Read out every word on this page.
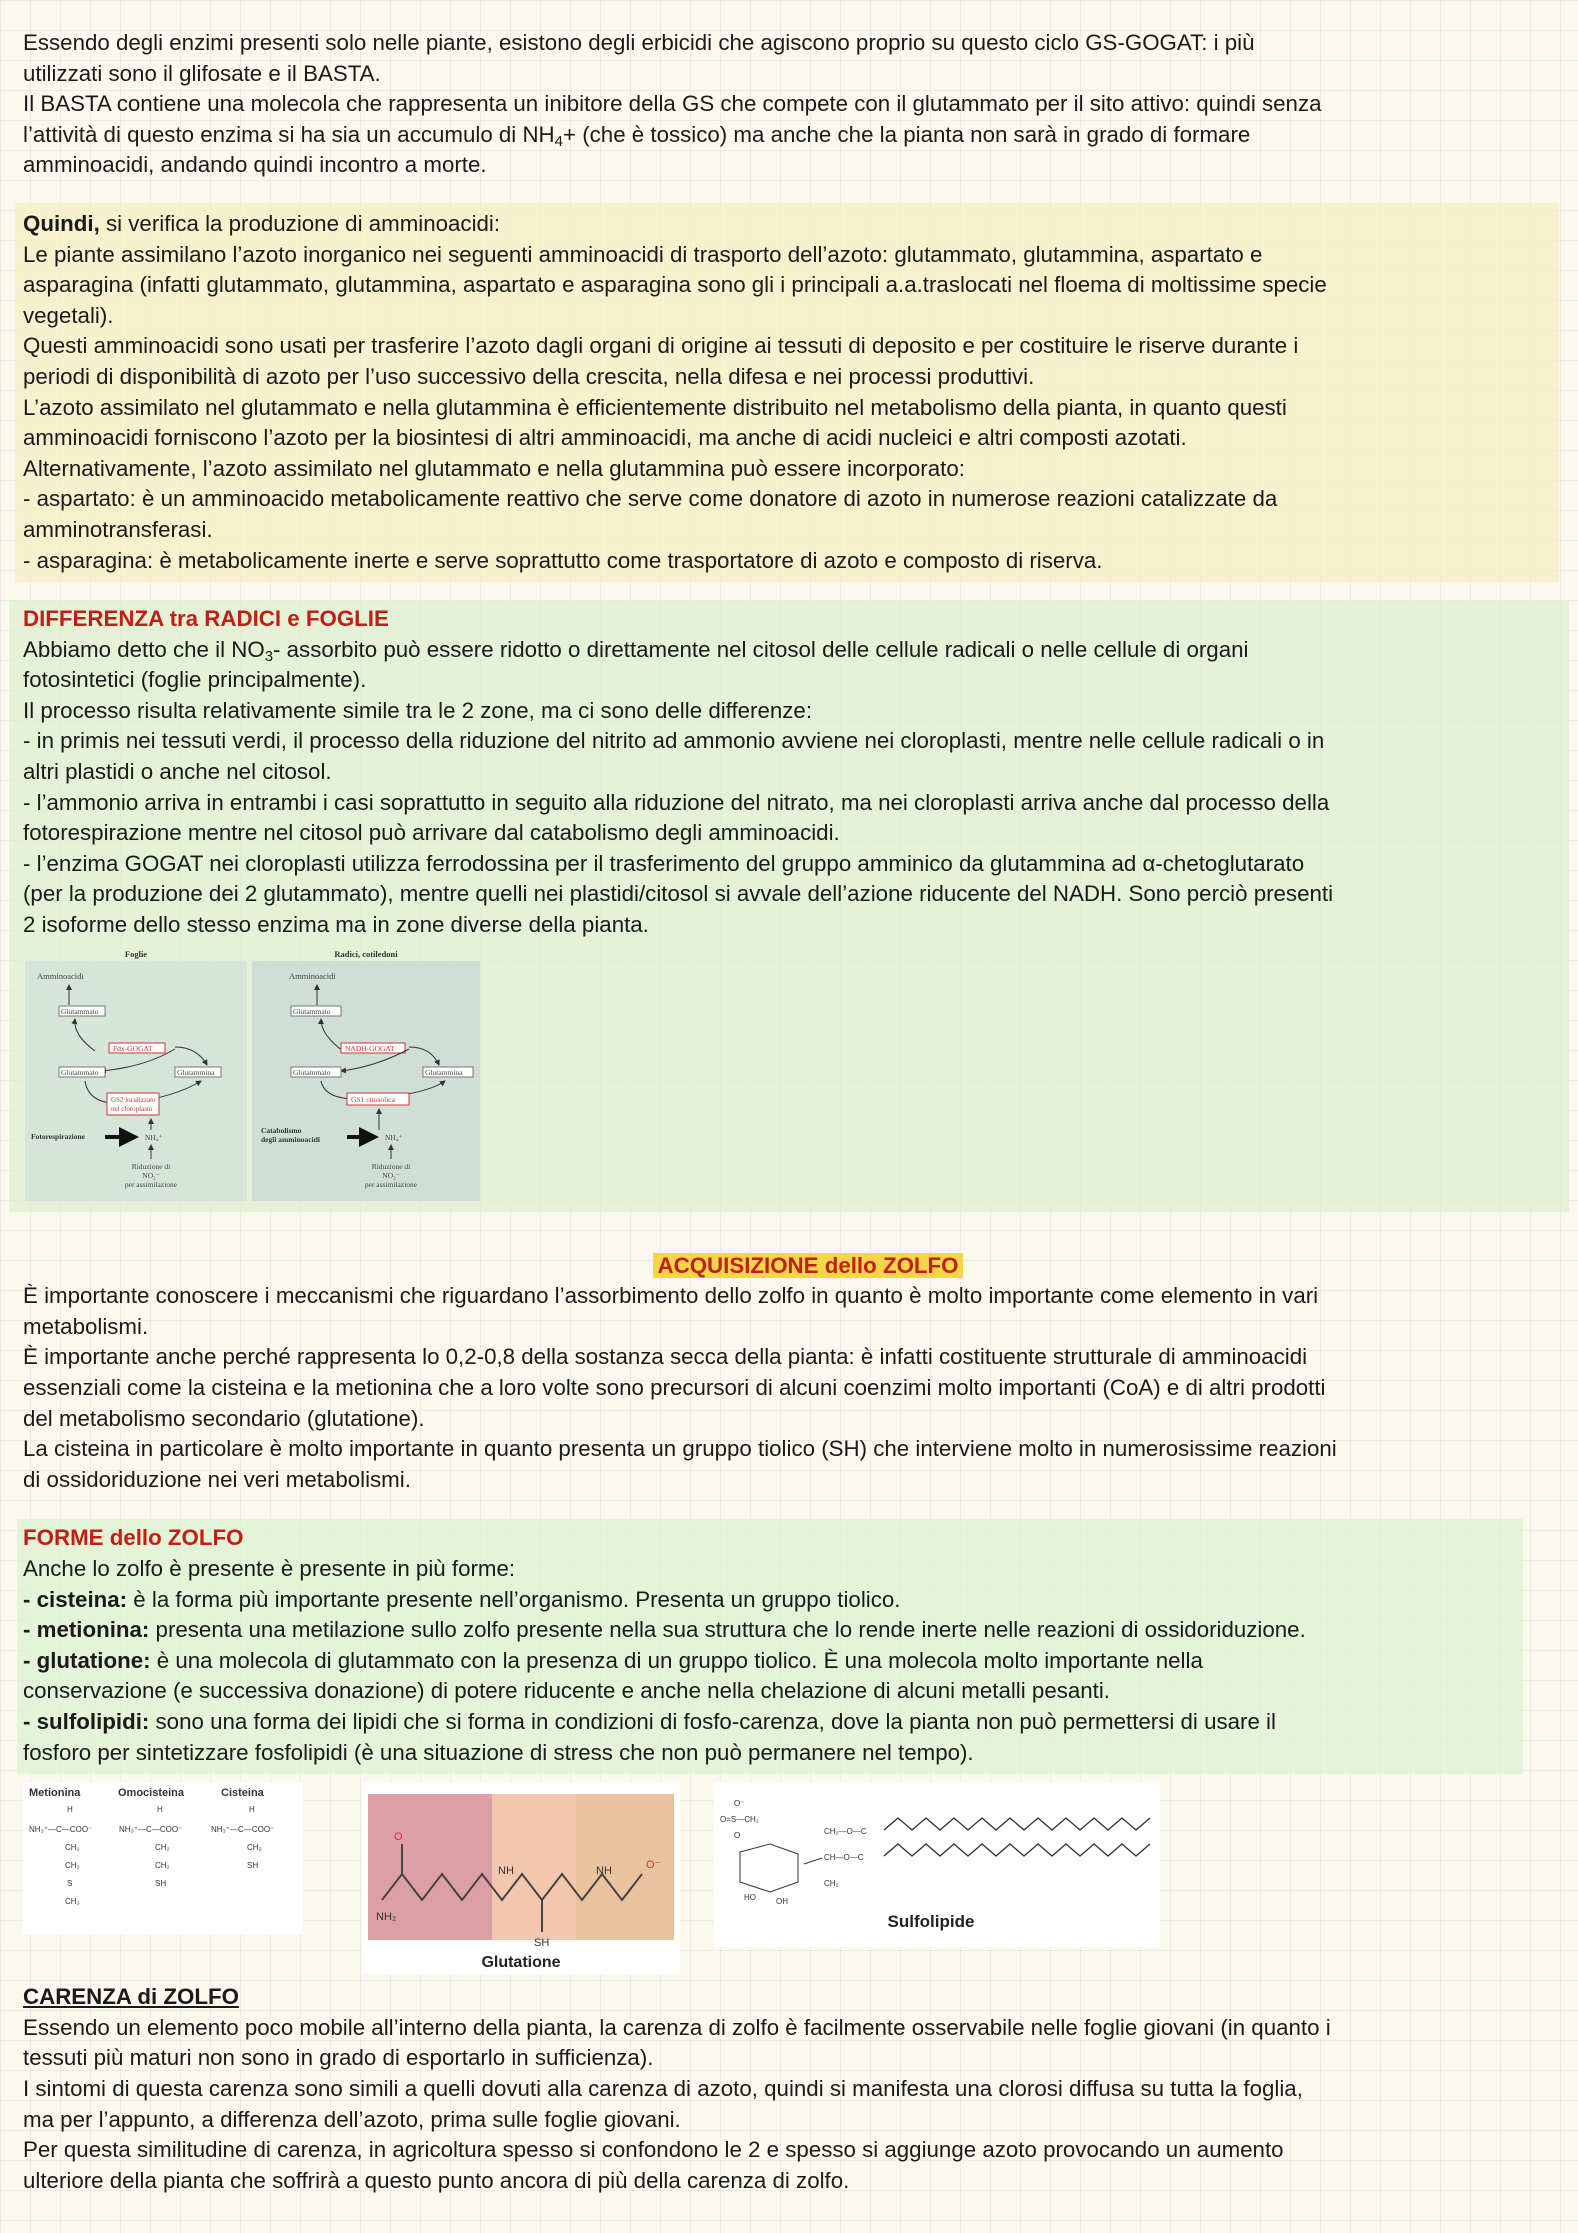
Essendo degli enzimi presenti solo nelle piante, esistono degli erbicidi che agiscono proprio su questo ciclo GS-GOGAT: i più

utilizzati sono il glifosate e il BASTA.

Il BASTA contiene una molecola che rappresenta un inibitore della GS che compete con il glutammato per il sito attivo: quindi senza

l’attività di questo enzima si ha sia un accumulo di $NH_4+ (che$ è tossico) ma anche che la pianta non sarà in grado di formare

amminoacidi, andando quindi incontro a morte.

Quindi, si verifica la produzione di amminoacidi:

Le piante assimilano l’azoto inorganico nei seguenti amminoacidi di trasporto dell’azoto: glutammato, glutammina, aspartato e

asparagina (infatti glutammato, glutammina, aspartato e asparagina sono gli i principali a.a.traslocati nel floema di moltissime specie

vegetali).

Questi amminoacidi sono usati per trasferire l’azoto dagli organi di origine ai tessuti di deposito e per costituire le riserve durante i

periodi di disponibilità di azoto per l’uso successivo della crescita, nella difesa e nei processi produttivi.

L’azoto assimilato nel glutammato e nella glutammina è efficientemente distribuito nel metabolismo della pianta, in quanto questi

amminoacidi forniscono l’azoto per la biosintesi di altri amminoacidi, ma anche di acidi nucleici e altri composti azotati.

Alternativamente, l’azoto assimilato nel glutammato e nella glutammina può essere incorporato:

- aspartato: è un amminoacido metabolicamente reattivo che serve come donatore di azoto in numerose reazioni catalizzate da

amminotransferasi.

- asparagina: è metabolicamente inerte e serve soprattutto come trasportatore di azoto e composto di riserva.

DIFFERENZA tra RADICI e FOGLIE

Abbiamo detto che il $NO_3-$ assorbito può essere ridotto o direttamente nel citosol delle cellule radicali o nelle cellule di organi

fotosintetici (foglie principalmente).

Il processo risulta relativamente simile tra le 2 zone, ma ci sono delle differenze:

- in primis nei tessuti verdi, il processo della riduzione del nitrito ad ammonio avviene nei cloroplasti, mentre nelle cellule radicali o in

altri plastidi o anche nel citosol.

- l’ammonio arriva in entrambi i casi soprattutto in seguito alla riduzione del nitrato, ma nei cloroplasti arriva anche dal processo della

fotorespirazione mentre nel citosol può arrivare dal catabolismo degli amminoacidi.

- l’enzima GOGAT nei cloroplasti utilizza ferrodossina per il trasferimento del gruppo amminico da glutammina ad α-chetoglutarato

(per la produzione dei 2 glutammato), mentre quelli nei plastidi/citosol si avvale dell’azione riducente del NADH. Sono perciò presenti

2 isoforme dello stesso enzima ma in zone diverse della pianta.

Foglie
Amminoacidi
Glutammato
Fdx-GOGAT
Glutammato	Glutammina
GS2 localizzato
nel cloroplasto
Fotorespirazione	NH₄⁺
Riduzione di
NO₂⁻
per assimilazione
Radici, cotiledoni
Amminoacidi
Glutammato
NADH-GOGAT
Glutammato	Glutammina
GS1 citosolica
Catabolismo
degli amminoacidi	NH₄⁺
Riduzione di
NO₂⁻
per assimilazione

ACQUISIZIONE dello ZOLFO

È importante conoscere i meccanismi che riguardano l’assorbimento dello zolfo in quanto è molto importante come elemento in vari

metabolismi.

È importante anche perché rappresenta lo 0,2-0,8 della sostanza secca della pianta: è infatti costituente strutturale di amminoacidi

essenziali come la cisteina e la metionina che a loro volte sono precursori di alcuni coenzimi molto importanti (CoA) e di altri prodotti

del metabolismo secondario (glutatione).

La cisteina in particolare è molto importante in quanto presenta un gruppo tiolico (SH) che interviene molto in numerosissime reazioni

di ossidoriduzione nei veri metabolismi.

FORME dello ZOLFO

Anche lo zolfo è presente è presente in più forme:

- cisteina: è la forma più importante presente nell’organismo. Presenta un gruppo tiolico.

- metionina: presenta una metilazione sullo zolfo presente nella sua struttura che lo rende inerte nelle reazioni di ossidoriduzione.

- glutatione: è una molecola di glutammato con la presenza di un gruppo tiolico. È una molecola molto importante nella

conservazione (e successiva donazione) di potere riducente e anche nella chelazione di alcuni metalli pesanti.

- sulfolipidi: sono una forma dei lipidi che si forma in condizioni di fosfo-carenza, dove la pianta non può permettersi di usare il

fosforo per sintetizzare fosfolipidi (è una situazione di stress che non può permanere nel tempo).

Metionina	Omocisteina	Cisteina
H
NH₃⁺—C—COO⁻
CH₂
CH₂
S
CH₃
H
NH₃⁺—C—COO⁻
CH₂
CH₂
SH
H
NH₃⁺—C—COO⁻
CH₂
SH
NH₂
O
NH	NH
SH
O⁻
Glutatione
O⁻
O=S—CH₂
O
HO	OH
CH₂—O—C
CH—O—C
CH₂
Sulfolipide

CARENZA di ZOLFO

Essendo un elemento poco mobile all’interno della pianta, la carenza di zolfo è facilmente osservabile nelle foglie giovani (in quanto i

tessuti più maturi non sono in grado di esportarlo in sufficienza).

I sintomi di questa carenza sono simili a quelli dovuti alla carenza di azoto, quindi si manifesta una clorosi diffusa su tutta la foglia,

ma per l’appunto, a differenza dell’azoto, prima sulle foglie giovani.

Per questa similitudine di carenza, in agricoltura spesso si confondono le 2 e spesso si aggiunge azoto provocando un aumento

ulteriore della pianta che soffrirà a questo punto ancora di più della carenza di zolfo.
